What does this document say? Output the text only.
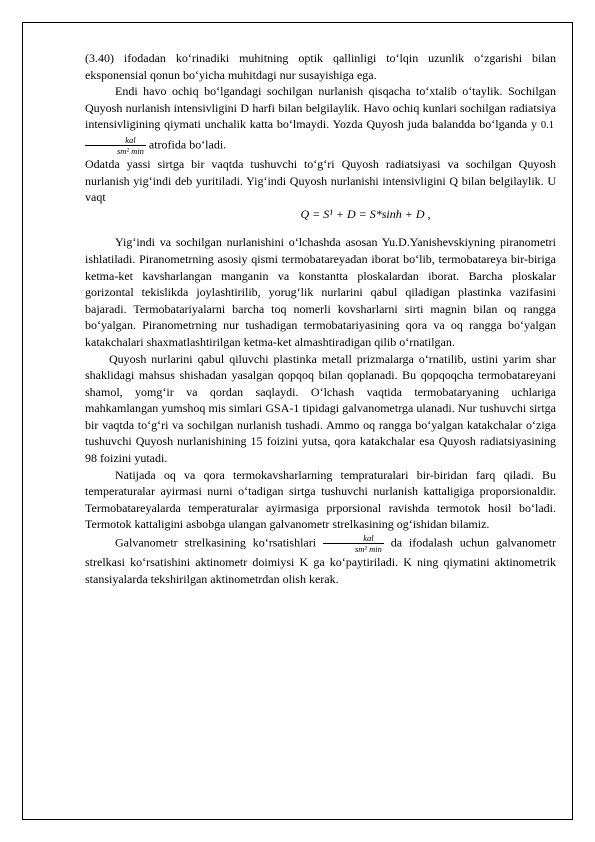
(3.40) ifodadan ko‘rinadiki muhitning optik qallinligi to‘lqin uzunlik o‘zgarishi bilan eksponensial qonun bo‘yicha muhitdagi nur susayishiga ega.

Endi havo ochiq bo‘lgandagi sochilgan nurlanish qisqacha to‘xtalib o‘taylik. Sochilgan Quyosh nurlanish intensivligini D harfi bilan belgilaylik. Havo ochiq kunlari sochilgan radiatsiya intensivligining qiymati unchalik katta bo‘lmaydi. Yozda Quyosh juda balandda bo‘lganda y 0.1
$\frac{\text{kal}}{\text{sm² min}}$ atrofida bo‘ladi.

Odatda yassi sirtga bir vaqtda tushuvchi to‘g‘ri Quyosh radiatsiyasi va sochilgan Quyosh nurlanish yig‘indi deb yuritiladi. Yig‘indi Quyosh nurlanishi intensivligini Q bilan belgilaylik. U vaqt

Q = S¹ + D = S*sinh + D ,

Yig‘indi va sochilgan nurlanishini o‘lchashda asosan Yu.D.Yanishevskiyning piranometri ishlatiladi. Piranometrning asosiy qismi termobatareyadan iborat bo‘lib, termobatareya bir-biriga ketma-ket kavsharlangan manganin va konstantta ploskalardan iborat. Barcha ploskalar gorizontal tekislikda joylashtirilib, yorug‘lik nurlarini qabul qiladigan plastinka vazifasini bajaradi. Termobatariyalarni barcha toq nomerli kovsharlarni sirti magnin bilan oq rangga bo‘yalgan. Piranometrning nur tushadigan termobatariyasining qora va oq rangga bo‘yalgan katakchalari shaxmatlashtirilgan ketma-ket almashtiradigan qilib o‘rnatilgan.

Quyosh nurlarini qabul qiluvchi plastinka metall prizmalarga o‘rnatilib, ustini yarim shar shaklidagi mahsus shishadan yasalgan qopqoq bilan qoplanadi. Bu qopqoqcha termobatareyani shamol, yomg‘ir va qordan saqlaydi. O‘lchash vaqtida termobataryaning uchlariga mahkamlangan yumshoq mis simlari GSA-1 tipidagi galvanometrga ulanadi. Nur tushuvchi sirtga bir vaqtda to‘g‘ri va sochilgan nurlanish tushadi. Ammo oq rangga bo‘yalgan katakchalar o‘ziga tushuvchi Quyosh nurlanishining 15 foizini yutsa, qora katakchalar esa Quyosh radiatsiyasining 98 foizini yutadi.

Natijada oq va qora termokavsharlarning tempraturalari bir-biridan farq qiladi. Bu temperaturalar ayirmasi nurni o‘tadigan sirtga tushuvchi nurlanish kattaligiga proporsionaldir. Termobatareyalarda temperaturalar ayirmasiga prporsional ravishda termotok hosil bo‘ladi. Termotok kattaligini asbobga ulangan galvanometr strelkasining og‘ishidan bilamiz.

Galvanometr strelkasining ko‘rsatishlari $\frac{\text{kal}}{\text{sm² min}}$ da ifodalash uchun galvanometr strelkasi ko‘rsatishini aktinometr doimiysi K ga ko‘paytiriladi. K ning qiymatini aktinometrik stansiyalarda tekshirilgan aktinometrdan olish kerak.
